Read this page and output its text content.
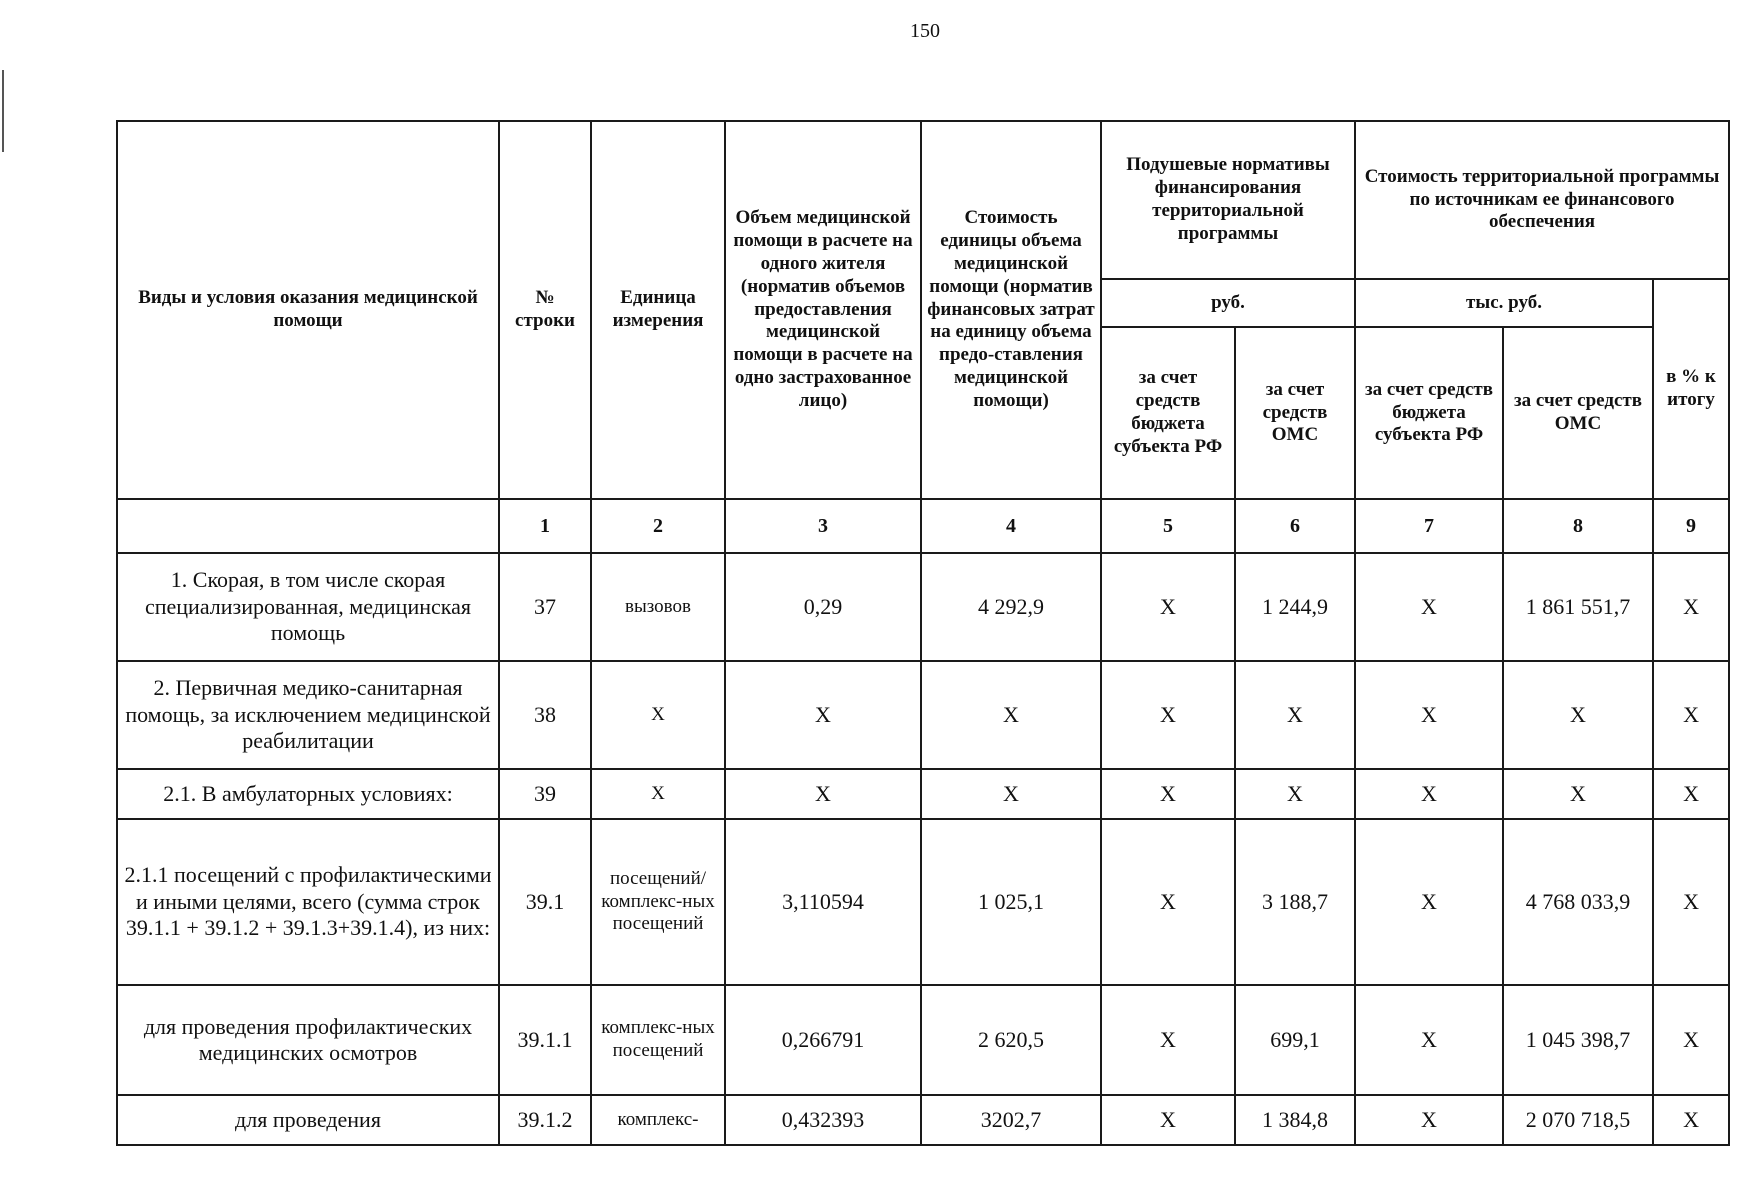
150
Виды и условия оказания медицинской помощи	№ строки	Единица измерения	Объем медицинской помощи в расчете на одного жителя (норматив объемов предоставления медицинской помощи в расчете на одно застрахованное лицо)	Стоимость единицы объема медицинской помощи (норматив финансовых затрат на единицу объема предо-ставления медицинской помощи)	Подушевые нормативы финансирования территориальной программы		Стоимость территориальной программы по источникам ее финансового обеспечения		
					руб.		тыс. руб.		в % к итогу
					за счет средств бюджета субъекта РФ	за счет средств ОМС	за счет средств бюджета субъекта РФ	за счет средств ОМС	
	1	2	3	4	5	6	7	8	9
1. Скорая, в том числе скорая специализированная, медицинская помощь	37	вызовов	0,29	4 292,9	X	1 244,9	X	1 861 551,7	X
2. Первичная медико-санитарная помощь, за исключением медицинской реабилитации	38	X	X	X	X	X	X	X	X
2.1. В амбулаторных условиях:	39	X	X	X	X	X	X	X	X
2.1.1 посещений с профилактическими и иными целями, всего (сумма строк 39.1.1 + 39.1.2 + 39.1.3+39.1.4), из них:	39.1	посещений/ комплекс-ных посещений	3,110594	1 025,1	X	3 188,7	X	4 768 033,9	X
для проведения профилактических медицинских осмотров	39.1.1	комплекс-ных посещений	0,266791	2 620,5	X	699,1	X	1 045 398,7	X
для проведения	39.1.2	комплекс-	0,432393	3202,7	X	1 384,8	X	2 070 718,5	X
